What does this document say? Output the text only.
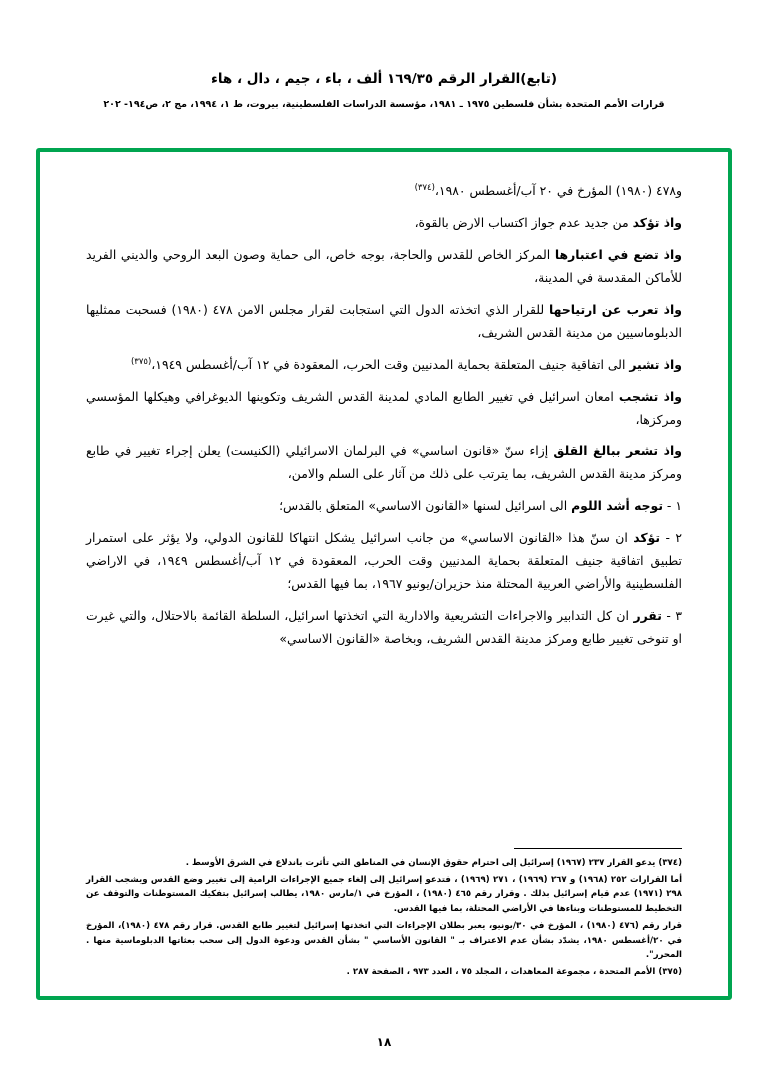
(تابع)القرار الرقم ١٦٩/٣٥ ألف ، باء ، جيم ، دال ، هاء
قرارات الأمم المتحدة بشأن فلسطين ١٩٧٥ ـ ١٩٨١، مؤسسة الدراسات الفلسطينية، بيروت، ط ١، ١٩٩٤، مج ٢، ص١٩٤- ٢٠٢

و٤٧٨ (١٩٨٠) المؤرخ في ٢٠ آب/أغسطس ١٩٨٠،$^{(٣٧٤)}$

واذ تؤكد من جديد عدم جواز اكتساب الارض بالقوة،

واذ تضع في اعتبارها المركز الخاص للقدس والحاجة، بوجه خاص، الى حماية وصون البعد الروحي والديني الفريد للأماكن المقدسة في المدينة،

واذ تعرب عن ارتياحها للقرار الذي اتخذته الدول التي استجابت لقرار مجلس الامن ٤٧٨ (١٩٨٠) فسحبت ممثليها الدبلوماسيين من مدينة القدس الشريف،

واذ تشير الى اتفاقية جنيف المتعلقة بحماية المدنيين وقت الحرب، المعقودة في ١٢ آب/أغسطس ١٩٤٩،$^{(٣٧٥)}$

واذ تشجب امعان اسرائيل في تغيير الطابع المادي لمدينة القدس الشريف وتكوينها الديوغرافي وهيكلها المؤسسي ومركزها،

واذ تشعر ببالغ القلق إزاء سنّ «قانون اساسي» في البرلمان الاسرائيلي (الكنيست) يعلن إجراء تغيير في طابع ومركز مدينة القدس الشريف، بما يترتب على ذلك من آثار على السلم والامن،

١ - توجه أشد اللوم الى اسرائيل لسنها «القانون الاساسي» المتعلق بالقدس؛

٢ - تؤكد ان سنّ هذا «القانون الاساسي» من جانب اسرائيل يشكل انتهاكا للقانون الدولي، ولا يؤثر على استمرار تطبيق اتفاقية جنيف المتعلقة بحماية المدنيين وقت الحرب، المعقودة في ١٢ آب/أغسطس ١٩٤٩، في الاراضي الفلسطينية والأراضي العربية المحتلة منذ حزيران/يونيو ١٩٦٧، بما فيها القدس؛

٣ - تقرر ان كل التدابير والاجراءات التشريعية والادارية التي اتخذتها اسرائيل، السلطة القائمة بالاحتلال، والتي غيرت او تنوخى تغيير طابع ومركز مدينة القدس الشريف، وبخاصة «القانون الاساسي»

(٣٧٤) يدعو القرار ٢٣٧ (١٩٦٧) إسرائيل إلى احترام حقوق الإنسان في المناطق التي تأثرت باندلاع في الشرق الأوسط .

أما القرارات ٢٥٢ (١٩٦٨) و ٢٦٧ (١٩٦٩) ، ٢٧١ (١٩٦٩) ، فتدعو إسرائيل إلى إلغاء جميع الإجراءات الرامية إلى تغيير وضع القدس ويشجب القرار ٢٩٨ (١٩٧١) عدم قيام إسرائيل بذلك . وقرار رقم ٤٦٥ (١٩٨٠) ، المؤرخ في ١/مارس ١٩٨٠، يطالب إسرائيل بتفكيك المستوطنات والتوقف عن التخطيط للمستوطنات وبناءها في الأراضي المحتلة، بما فيها القدس.

قرار رقم (٤٧٦ (١٩٨٠) ، المؤرخ في ٣٠/يونيو، يعبر بطلان الإجراءات التي اتخذتها إسرائيل لتغيير طابع القدس. قرار رقم ٤٧٨ (١٩٨٠)، المؤرخ في ٢٠/أغسطس ١٩٨٠، يشدّد بشأن عدم الاعتراف بـ " القانون الأساسي " بشأن القدس ودعوة الدول إلى سحب بعثاتها الدبلوماسية منها . المحرر".

(٣٧٥) الأمم المتحدة ، مجموعة المعاهدات ، المجلد ٧٥ ، العدد ٩٧٣ ، الصفحة ٢٨٧ .

١٨
